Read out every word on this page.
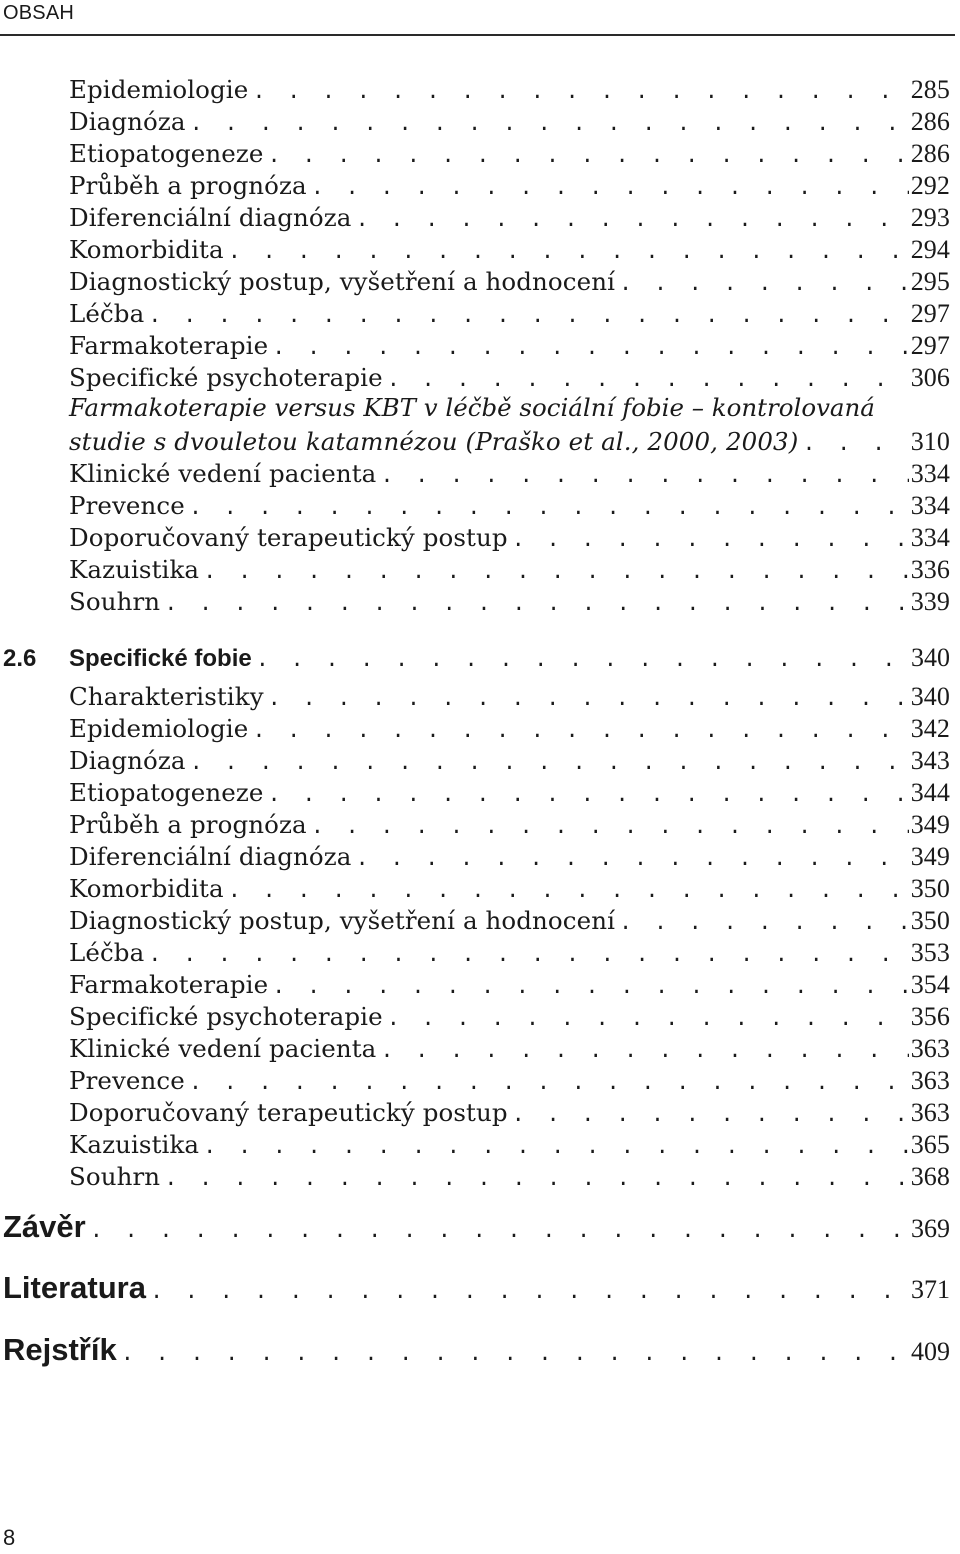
OBSAH
Epidemiologie . . .	285
Diagnóza . . .	286
Etiopatogeneze . . .	286
Průběh a prognóza . . .	292
Diferenciální diagnóza . . .	293
Komorbidita . . .	294
Diagnostický postup, vyšetření a hodnocení . . .	295
Léčba . . .	297
Farmakoterapie . . .	297
Specifické psychoterapie . . .	306
Farmakoterapie versus KBT v léčbě sociální fobie – kontrolovaná
studie s dvouletou katamnézou (Praško et al., 2000, 2003) . . .	310
Klinické vedení pacienta . . .	334
Prevence . . .	334
Doporučovaný terapeutický postup . . .	334
Kazuistika . . .	336
Souhrn . . .	339
2.6 Specifické fobie . . .	340
Charakteristiky . . .	340
Epidemiologie . . .	342
Diagnóza . . .	343
Etiopatogeneze . . .	344
Průběh a prognóza . . .	349
Diferenciální diagnóza . . .	349
Komorbidita . . .	350
Diagnostický postup, vyšetření a hodnocení . . .	350
Léčba . . .	353
Farmakoterapie . . .	354
Specifické psychoterapie . . .	356
Klinické vedení pacienta . . .	363
Prevence . . .	363
Doporučovaný terapeutický postup . . .	363
Kazuistika . . .	365
Souhrn . . .	368
Závěr . . .	369
Literatura . . .	371
Rejstřík . . .	409
8
